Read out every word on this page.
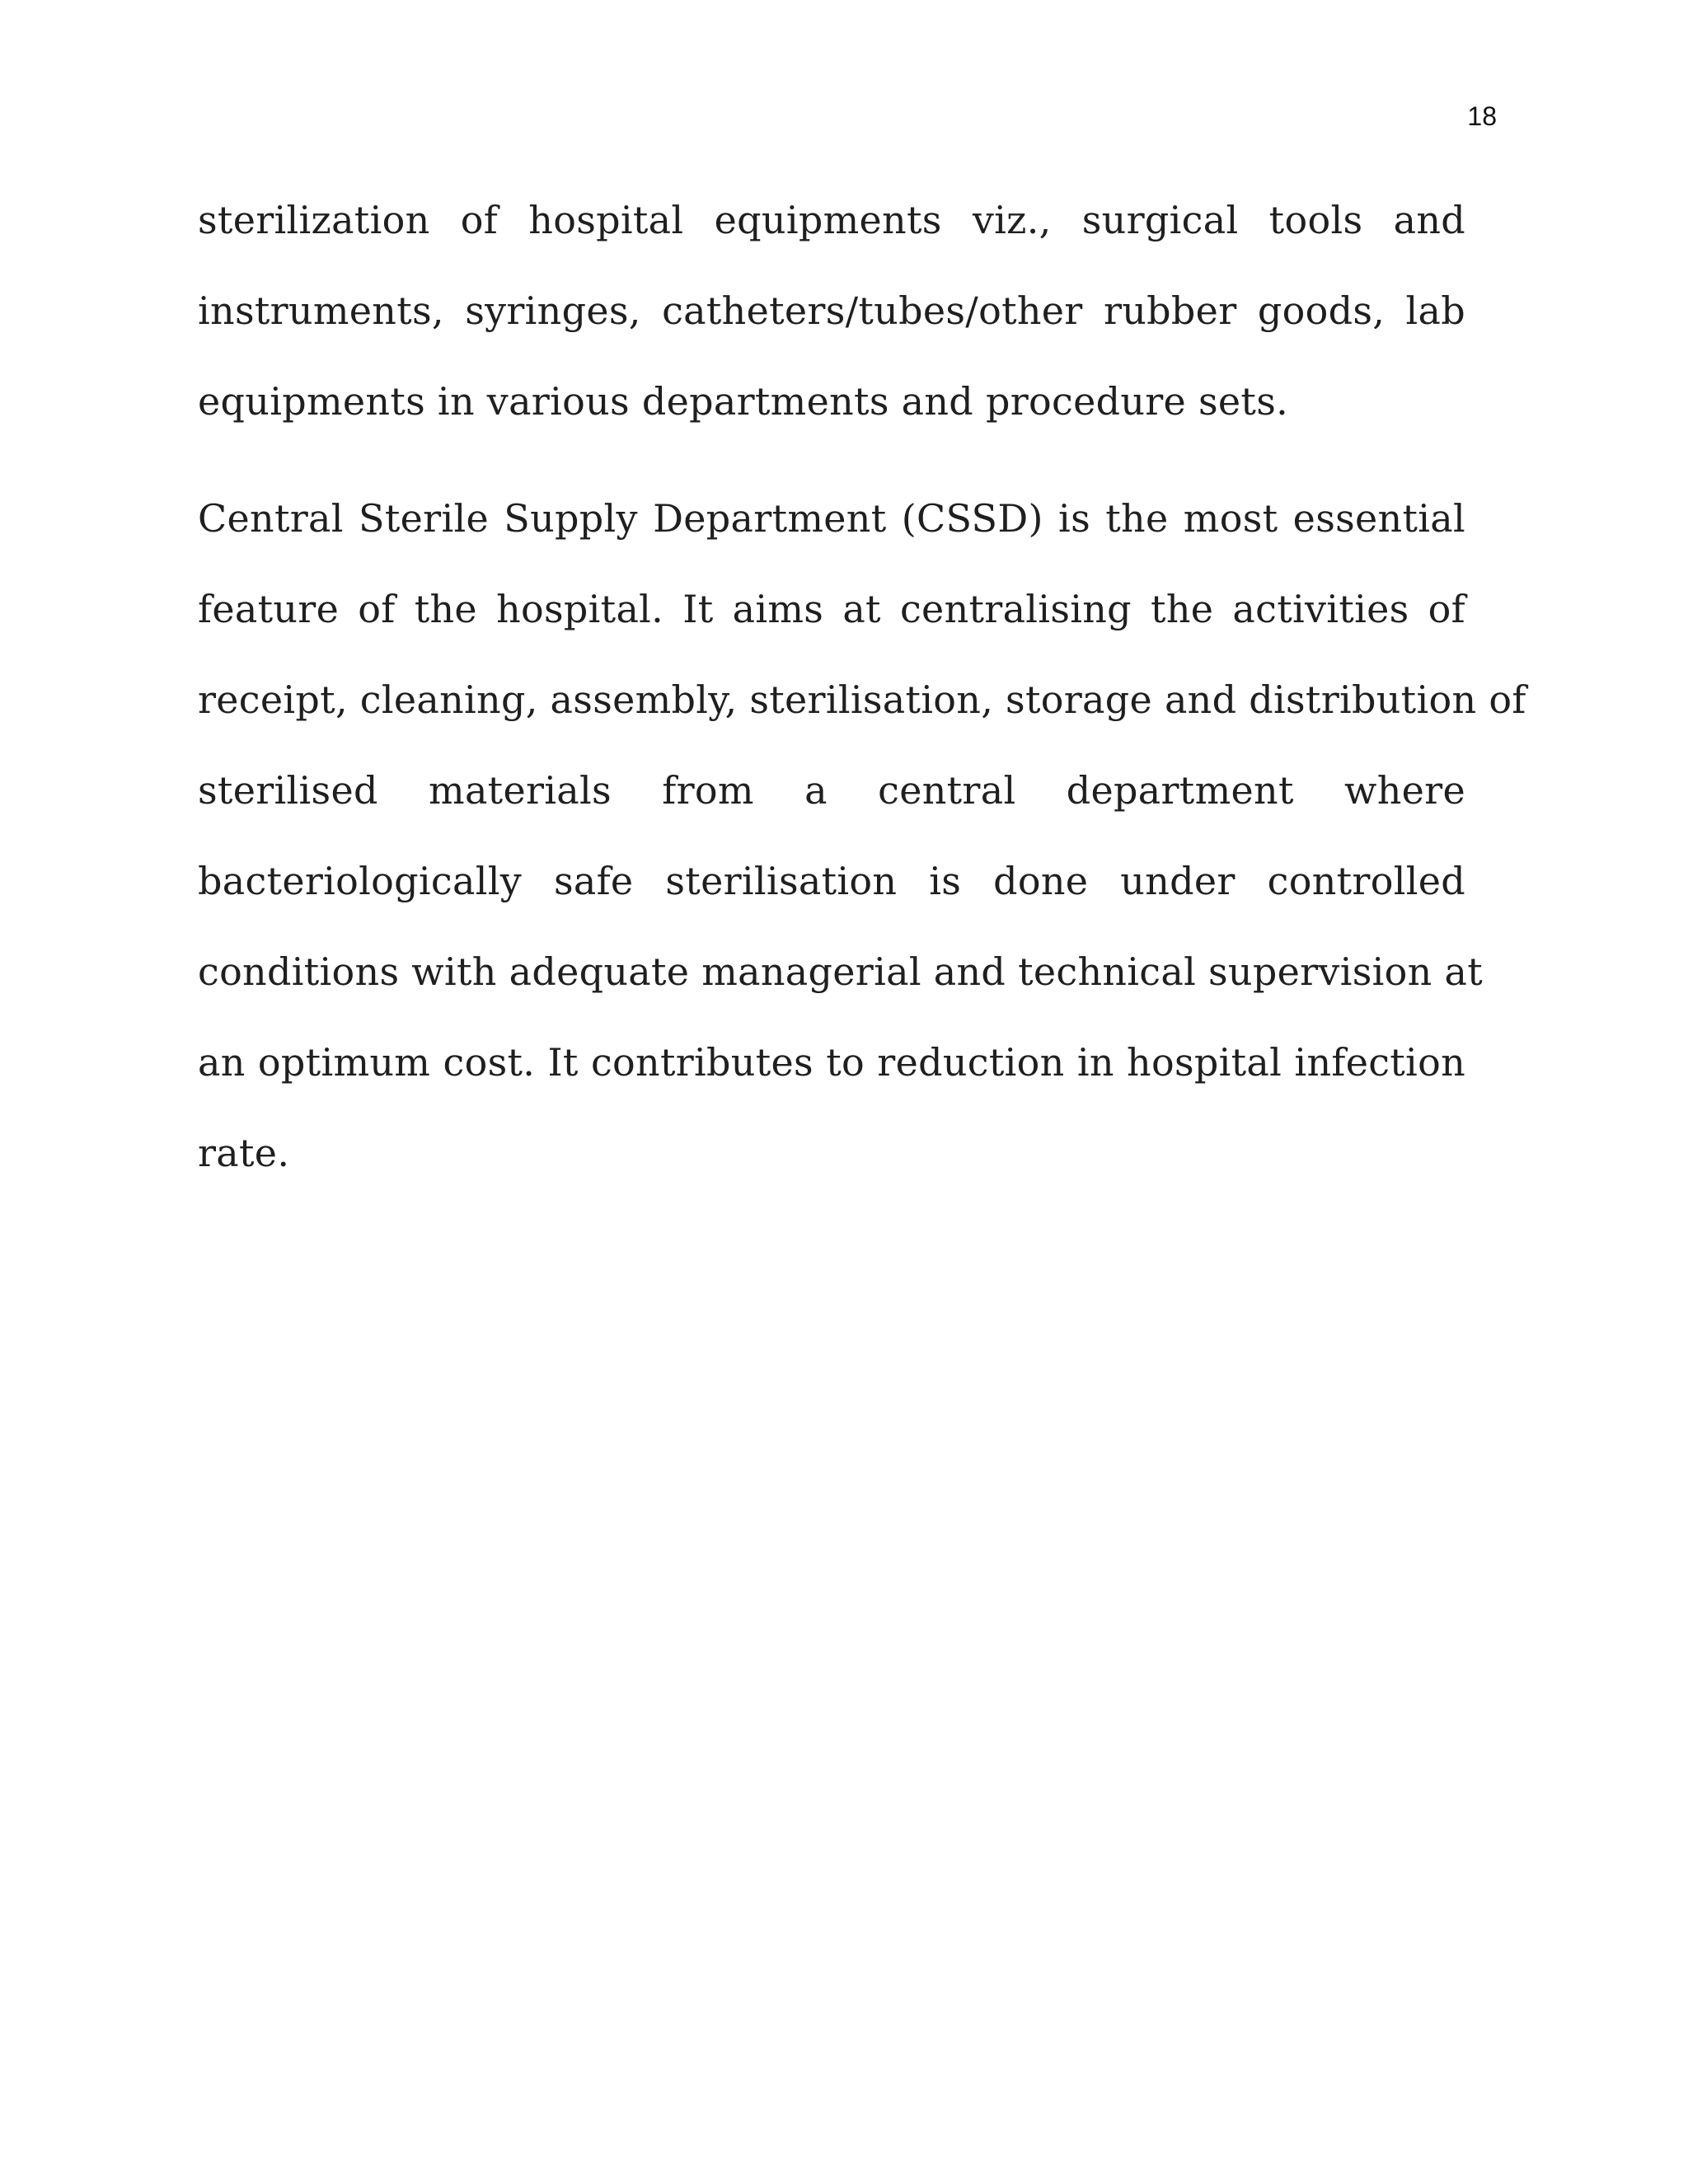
18
sterilization of hospital equipments viz., surgical tools and
instruments, syringes, catheters/tubes/other rubber goods, lab
equipments in various departments and procedure sets.
Central Sterile Supply Department (CSSD) is the most essential
feature of the hospital. It aims at centralising the activities of
receipt, cleaning, assembly, sterilisation, storage and distribution of
sterilised materials from a central department where
bacteriologically safe sterilisation is done under controlled
conditions with adequate managerial and technical supervision at
an optimum cost. It contributes to reduction in hospital infection
rate.
